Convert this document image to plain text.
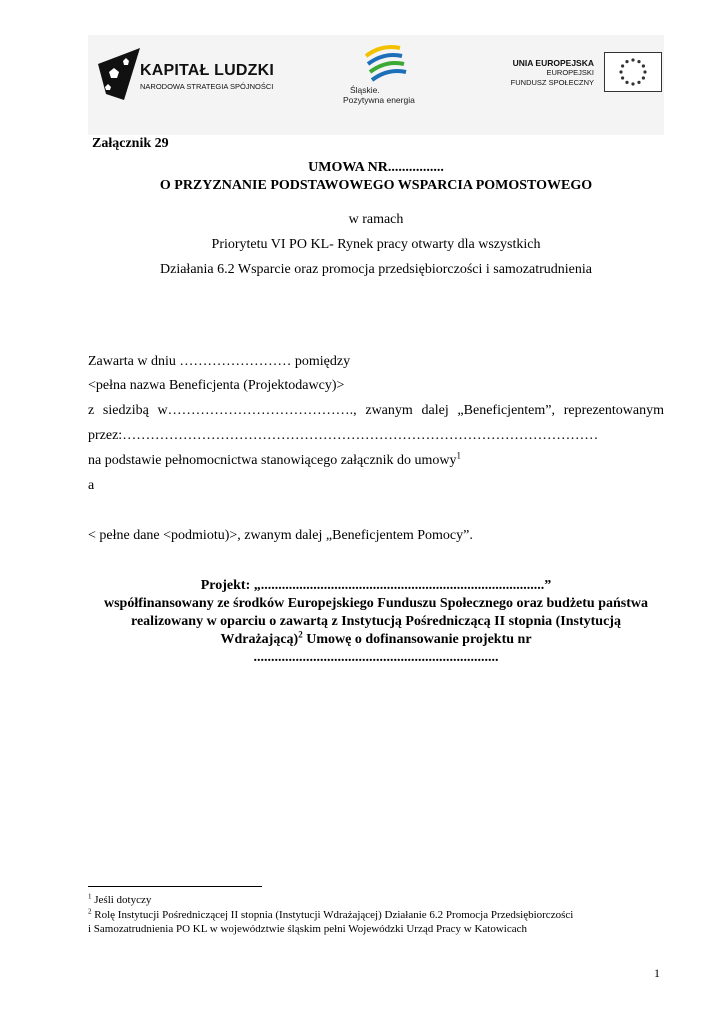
KAPITAŁ LUDZKI
NARODOWA STRATEGIA SPÓJNOŚCI	Śląskie.
Pozytywna energia
UNIA EUROPEJSKA
EUROPEJSKI
FUNDUSZ SPOŁECZNY
Załącznik 29
UMOWA NR................
O PRZYZNANIE PODSTAWOWEGO WSPARCIA POMOSTOWEGO
w ramach
Priorytetu VI PO KL- Rynek pracy otwarty dla wszystkich
Działania 6.2 Wsparcie oraz promocja przedsiębiorczości i samozatrudnienia
Zawarta w dniu …………………… pomiędzy
<pełna nazwa Beneficjenta (Projektodawcy)>
z siedzibą w…………………………………., zwanym dalej „Beneficjentem”, reprezentowanym
przez:…………………………………………………………………………………………
na podstawie pełnomocnictwa stanowiącego załącznik do umowy$^1$
a
< pełne dane <podmiotu)>, zwanym dalej „Beneficjentem Pomocy”.
Projekt: „.................................................................................”
współfinansowany ze środków Europejskiego Funduszu Społecznego oraz budżetu państwa
realizowany w oparciu o zawartą z Instytucją Pośredniczącą II stopnia (Instytucją
Wdrażającą)$^2$ Umowę o dofinansowanie projektu nr
......................................................................
$^1$ Jeśli dotyczy
$^2$ Rolę Instytucji Pośredniczącej II stopnia (Instytucji Wdrażającej) Działanie 6.2 Promocja Przedsiębiorczości
i Samozatrudnienia PO KL w województwie śląskim pełni Wojewódzki Urząd Pracy w Katowicach
1
